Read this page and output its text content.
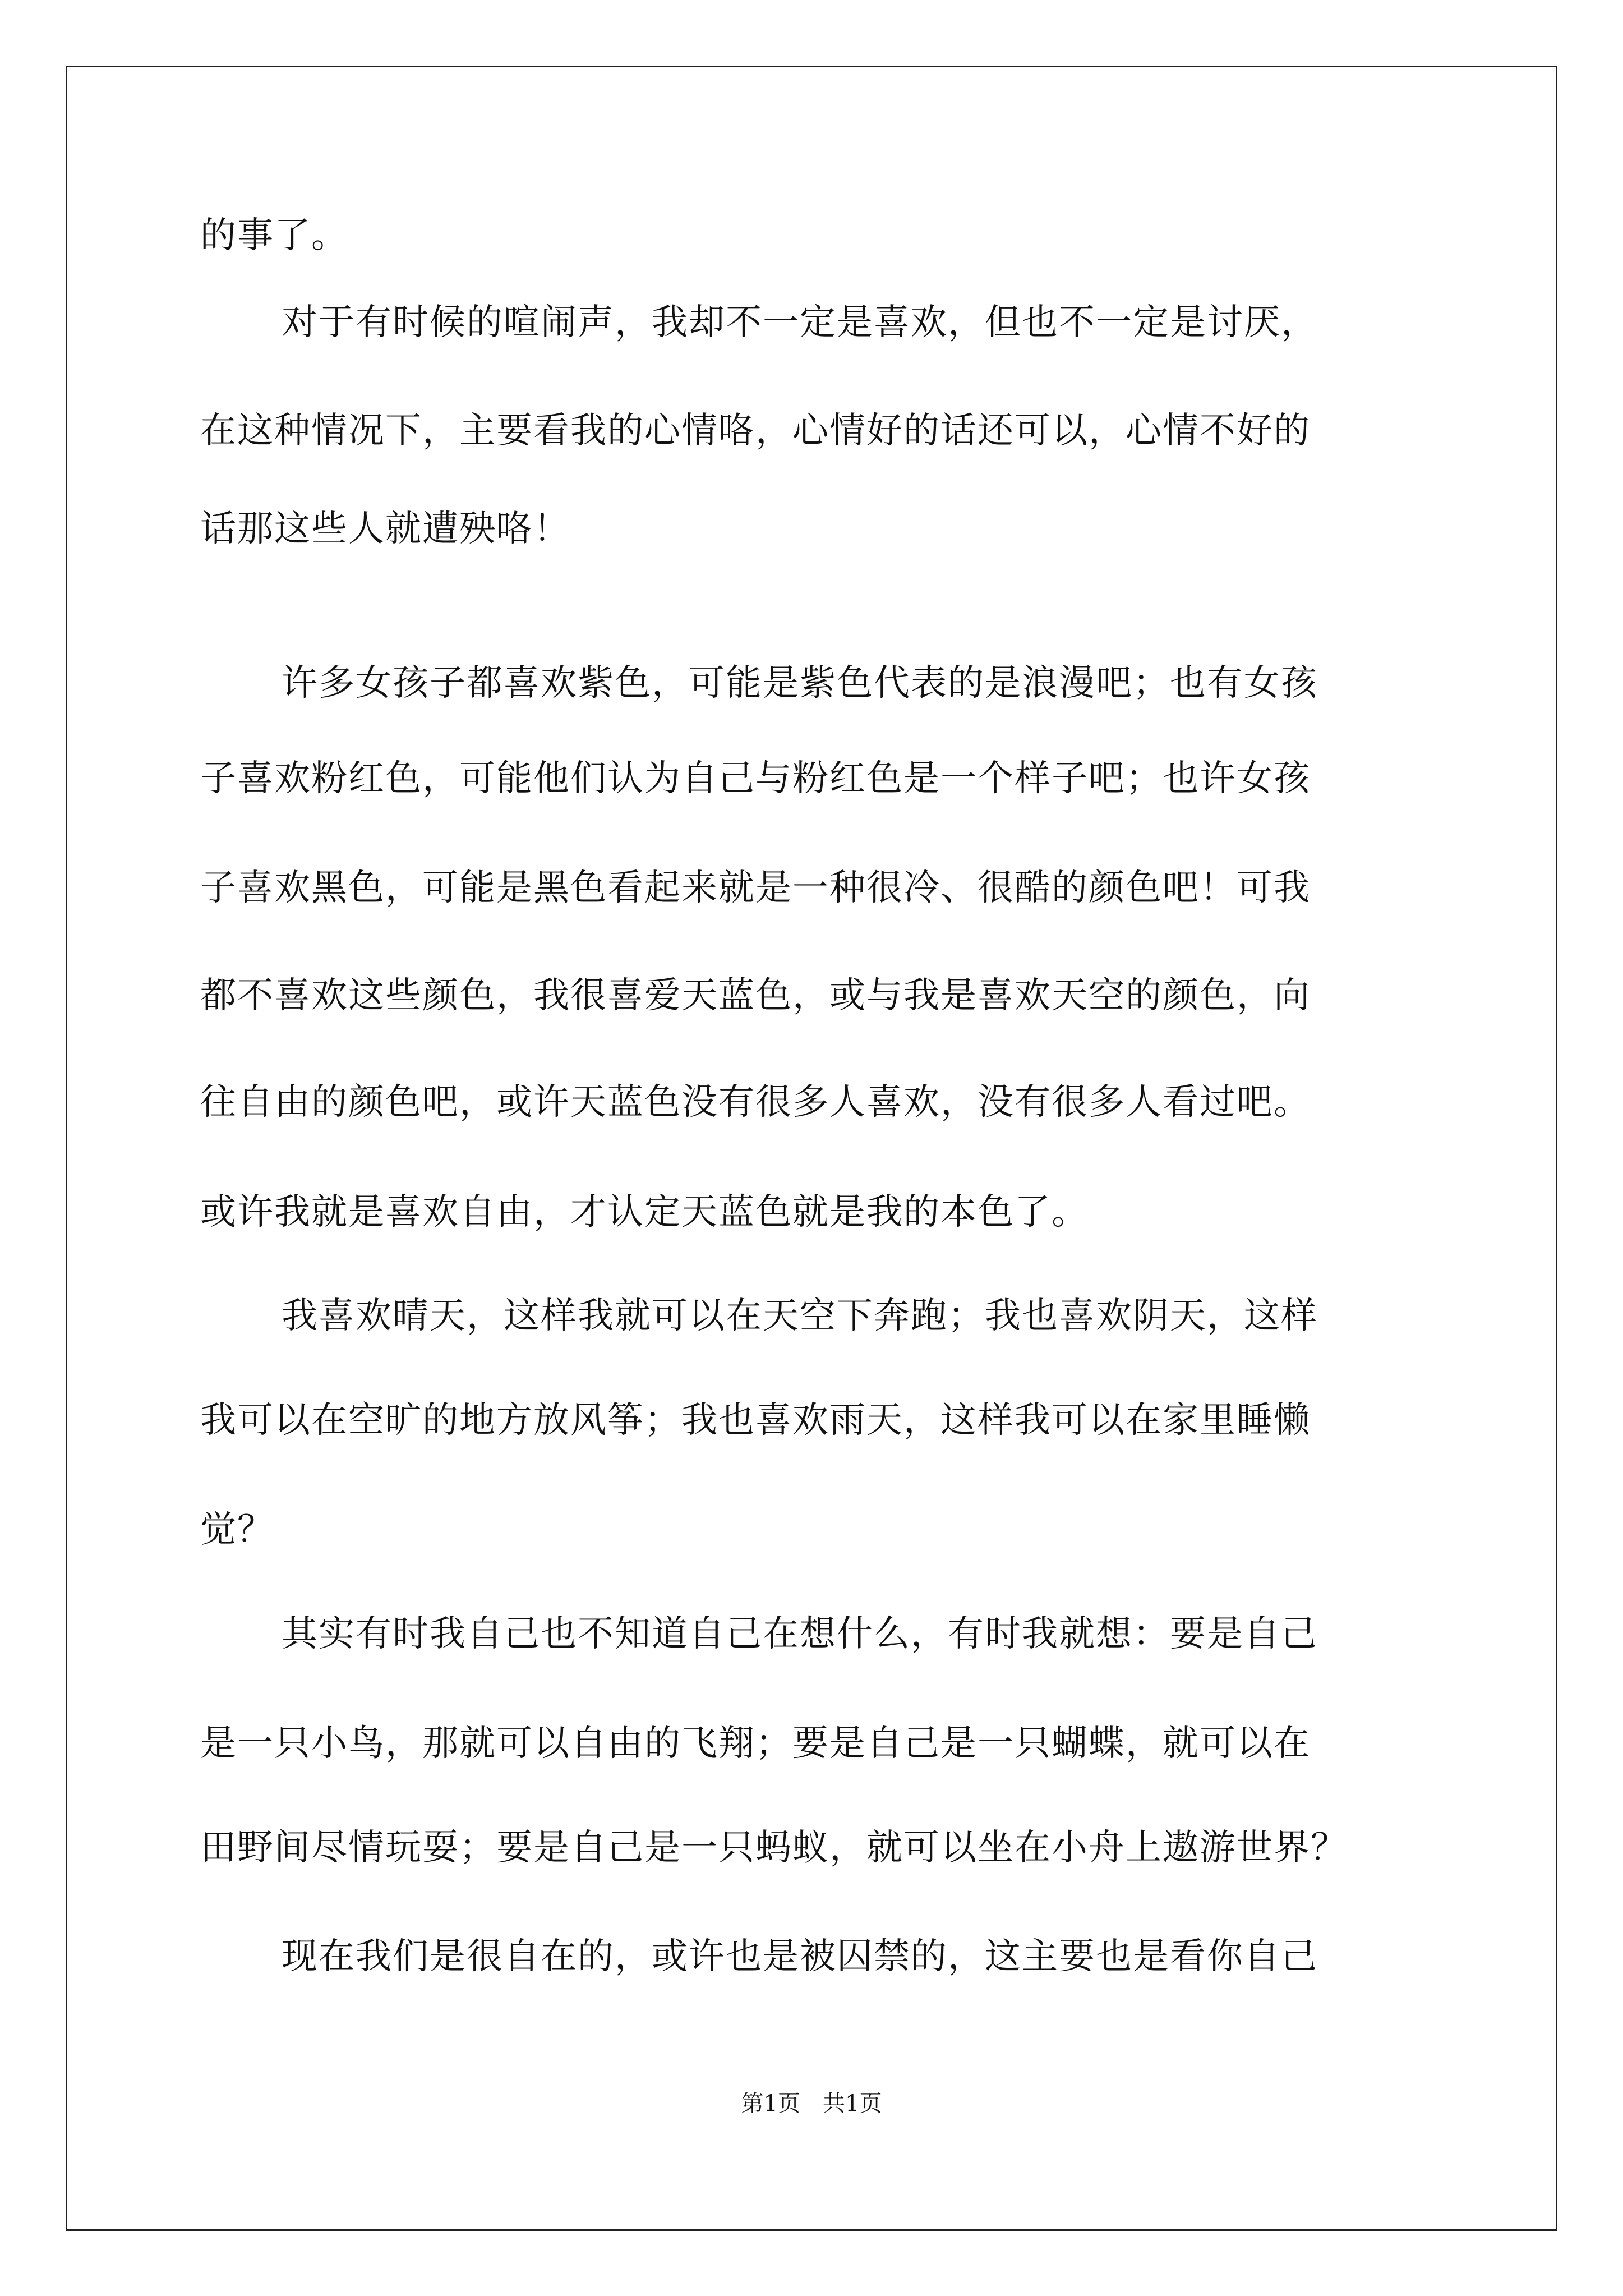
的事了。
对于有时候的喧闹声，我却不一定是喜欢，但也不一定是讨厌，
在这种情况下，主要看我的心情咯，心情好的话还可以，心情不好的
话那这些人就遭殃咯！
许多女孩子都喜欢紫色，可能是紫色代表的是浪漫吧；也有女孩
子喜欢粉红色，可能他们认为自己与粉红色是一个样子吧；也许女孩
子喜欢黑色，可能是黑色看起来就是一种很冷、很酷的颜色吧！可我
都不喜欢这些颜色，我很喜爱天蓝色，或与我是喜欢天空的颜色，向
往自由的颜色吧，或许天蓝色没有很多人喜欢，没有很多人看过吧。
或许我就是喜欢自由，才认定天蓝色就是我的本色了。
我喜欢晴天，这样我就可以在天空下奔跑；我也喜欢阴天，这样
我可以在空旷的地方放风筝；我也喜欢雨天，这样我可以在家里睡懒
觉？
其实有时我自己也不知道自己在想什么，有时我就想：要是自己
是一只小鸟，那就可以自由的飞翔；要是自己是一只蝴蝶，就可以在
田野间尽情玩耍；要是自己是一只蚂蚁，就可以坐在小舟上遨游世界？
现在我们是很自在的，或许也是被囚禁的，这主要也是看你自己
第1页　共1页
